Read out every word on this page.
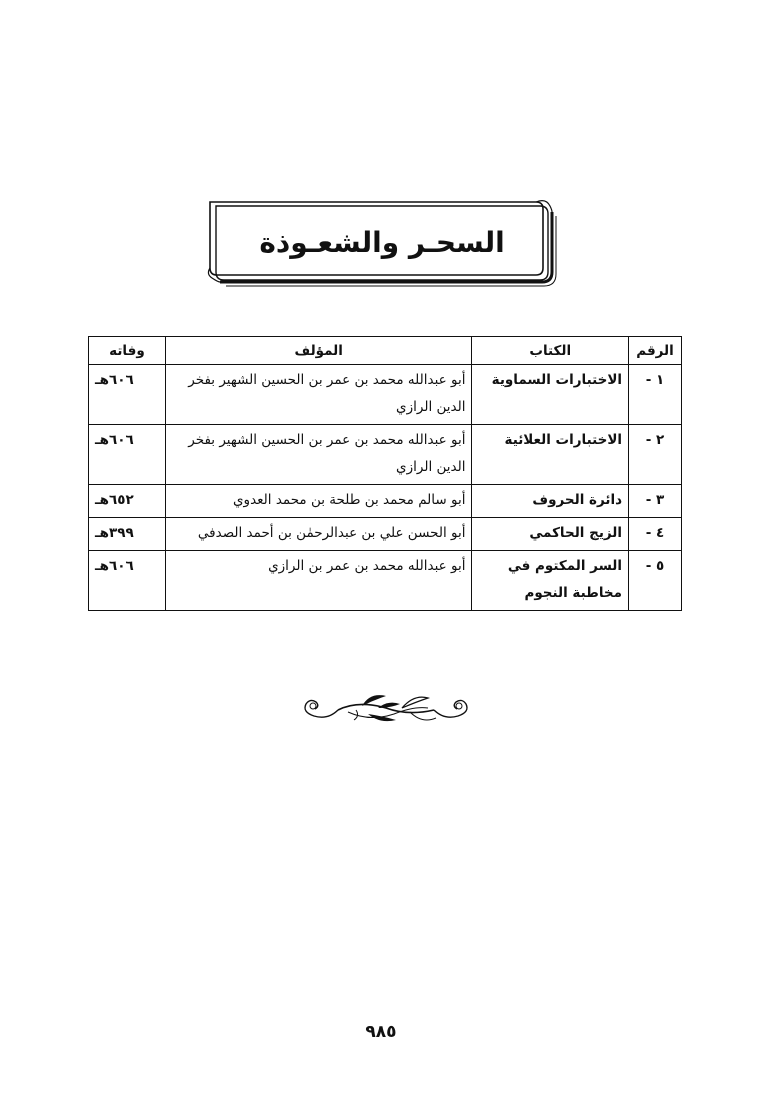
السحـر والشعـوذة
الرقم	الكتاب	المؤلف	وفاته
١ -	الاختبارات السماوية	أبو عبدالله محمد بن عمر بن الحسين الشهير بفخر الدين الرازي	٦٠٦هـ
٢ -	الاختبارات العلائية	أبو عبدالله محمد بن عمر بن الحسين الشهير بفخر الدين الرازي	٦٠٦هـ
٣ -	دائرة الحروف	أبو سالم محمد بن طلحة بن محمد العدوي	٦٥٢هـ
٤ -	الزيج الحاكمي	أبو الحسن علي بن عبدالرحمٰن بن أحمد الصدفي	٣٩٩هـ
٥ -	السر المكتوم في مخاطبة النجوم	أبو عبدالله محمد بن عمر بن الرازي	٦٠٦هـ
٩٨٥
